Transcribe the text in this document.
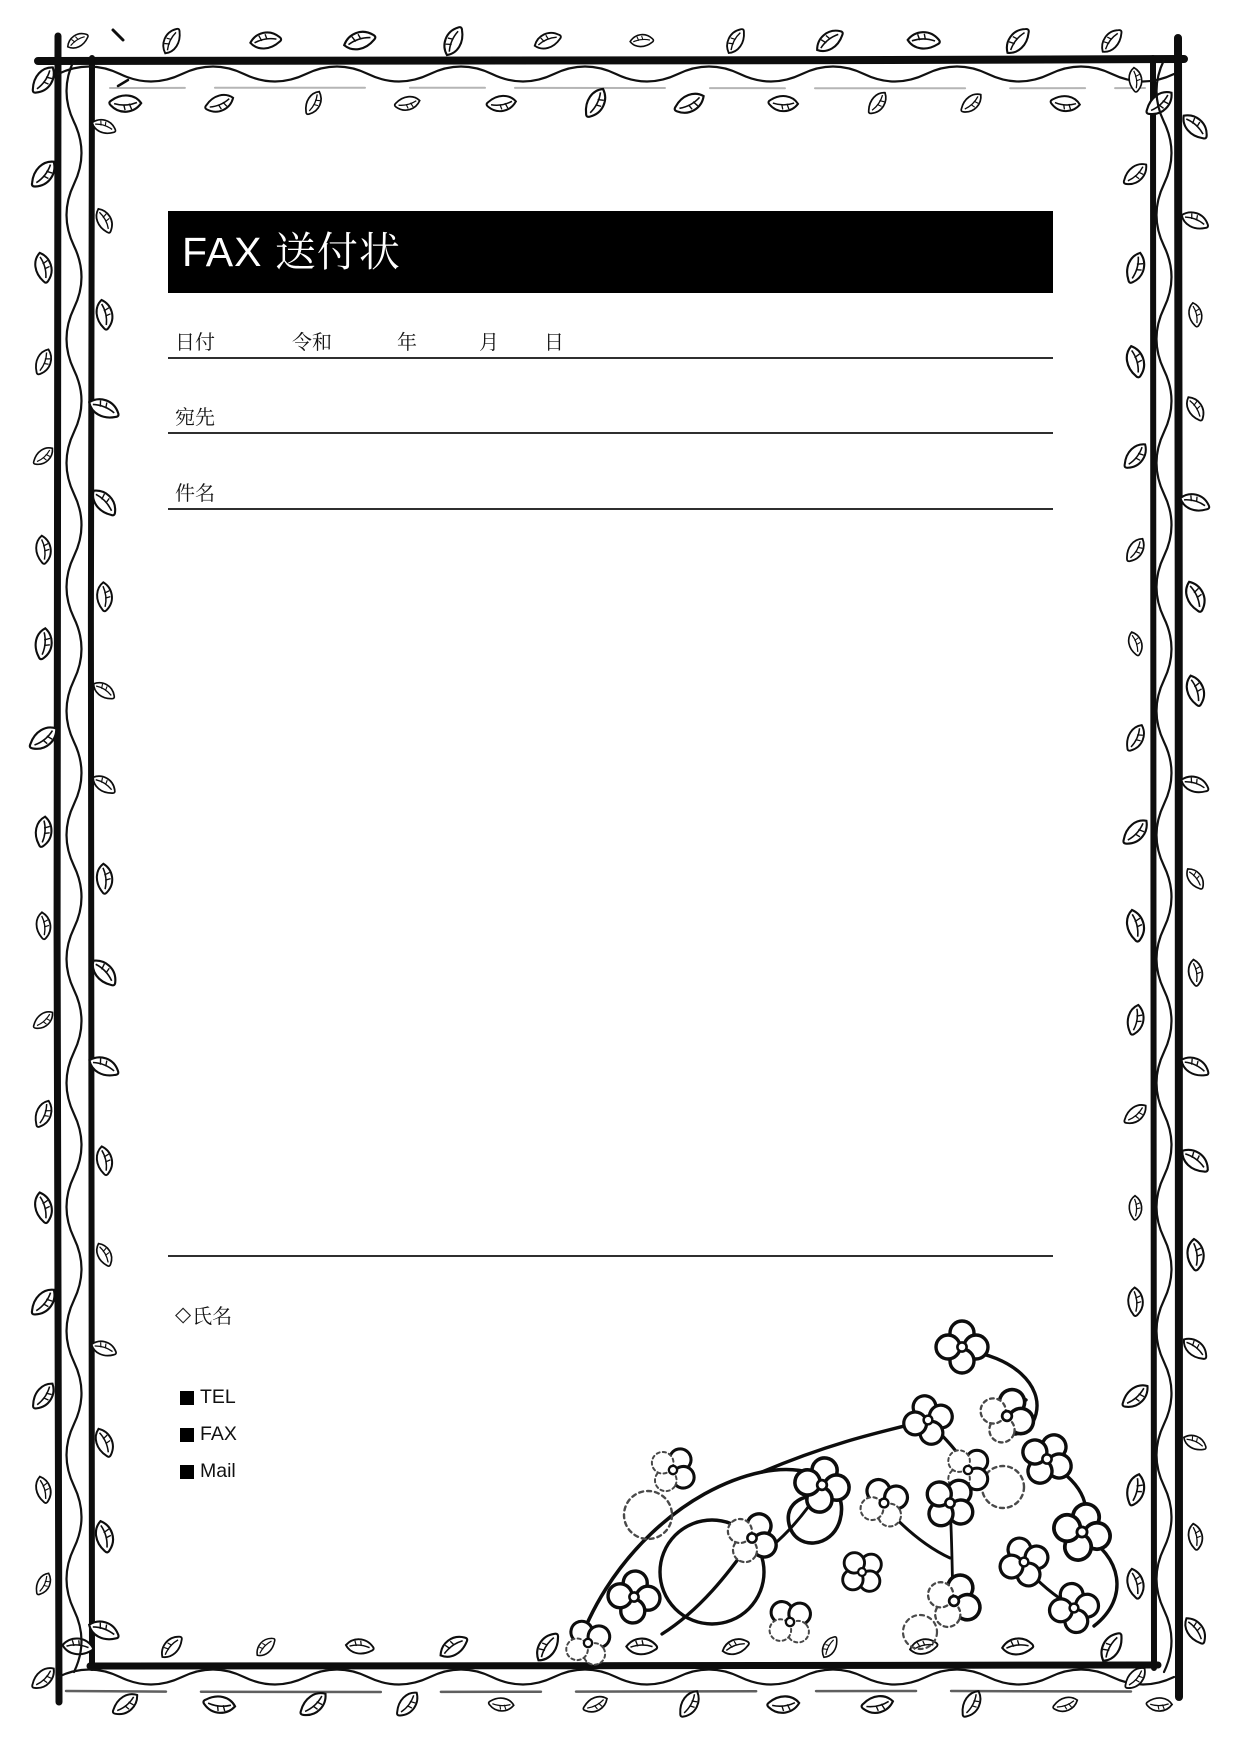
FAX 送付状
日付	令和	年	月 日
宛先
件名
◇ 氏名
TEL
FAX
Mail
